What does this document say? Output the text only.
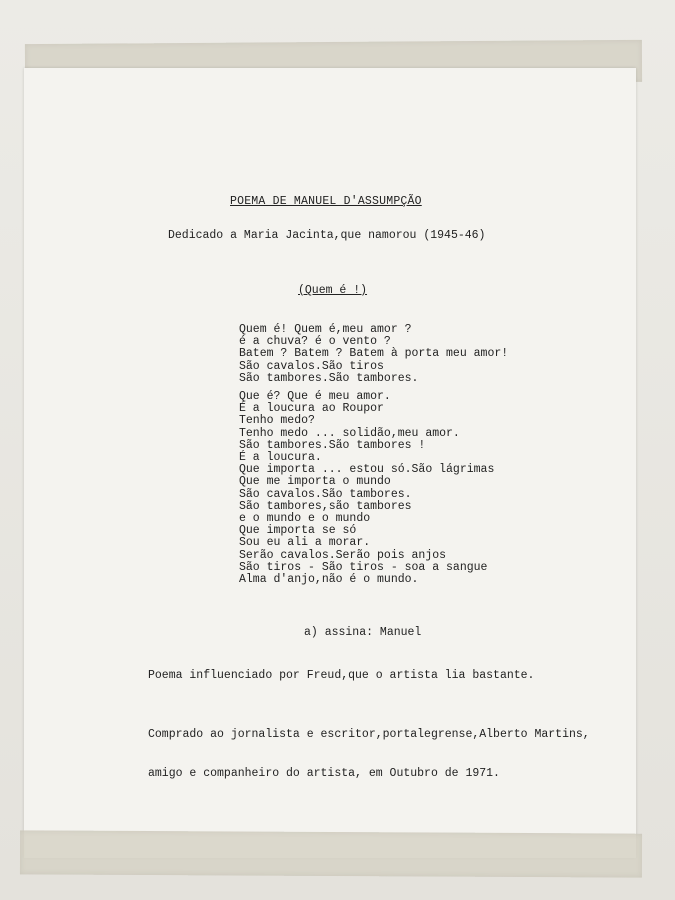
POEMA DE MANUEL D'ASSUMPÇÃO
Dedicado a Maria Jacinta,que namorou (1945-46)
(Quem é !)
Quem é! Quem é,meu amor ?
é a chuva? é o vento ?
Batem ? Batem ? Batem à porta meu amor!
São cavalos.São tiros
São tambores.São tambores.
Que é? Que é meu amor.
É a loucura ao Roupor
Tenho medo?
Tenho medo ... solidão,meu amor.
São tambores.São tambores !
É a loucura.
Que importa ... estou só.São lágrimas
Que me importa o mundo
São cavalos.São tambores.
São tambores,são tambores
e o mundo e o mundo
Que importa se só
Sou eu ali a morar.
Serão cavalos.Serão pois anjos
São tiros - São tiros - soa a sangue
Alma d'anjo,não é o mundo.
a) assina: Manuel
Poema influenciado por Freud,que o artista lia bastante.

Comprado ao jornalista e escritor,portalegrense,Alberto Martins,

amigo e companheiro do artista, em Outubro de 1971.
